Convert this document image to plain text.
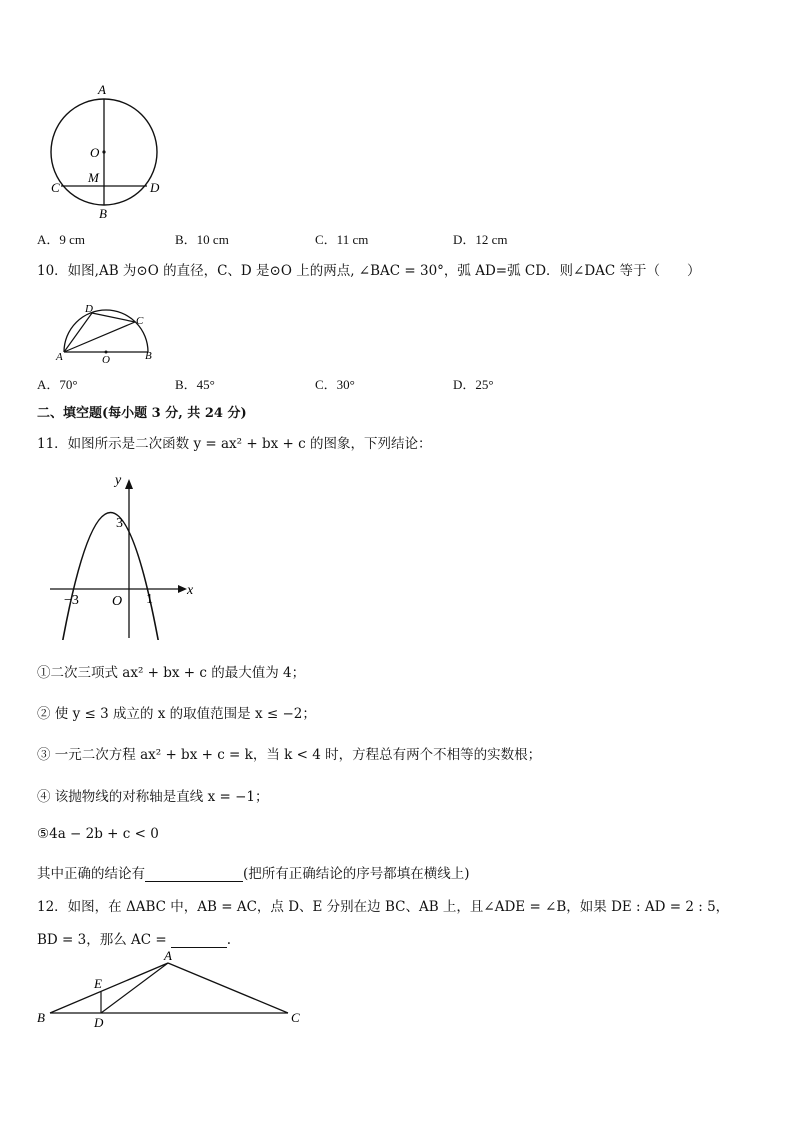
A
O
M
C	D
B
A．9 cm	B．10 cm	C．11 cm	D．12 cm
10．如图,AB 为⊙O 的直径，C、D 是⊙O 上的两点, ∠BAC = 30°，弧 AD=弧 CD．则∠DAC 等于（　　）
D
C
A	O	B
A．70°	B．45°	C．30°	D．25°
二、填空题(每小题 3 分, 共 24 分)
11．如图所示是二次函数 y = ax² + bx + c 的图象，下列结论：
y
x
3
−3 O 1
①二次三项式 ax² + bx + c 的最大值为 4；
② 使 y ≤ 3 成立的 x 的取值范围是 x ≤ −2；
③ 一元二次方程 ax² + bx + c = k，当 k < 4 时，方程总有两个不相等的实数根；
④ 该抛物线的对称轴是直线 x = −1；
⑤4a − 2b + c < 0
其中正确的结论有	(把所有正确结论的序号都填在横线上)
12．如图，在 ΔABC 中，AB = AC，点 D、E 分别在边 BC、AB 上，且∠ADE = ∠B，如果 DE : AD = 2 : 5，
BD = 3，那么 AC =	.
A
E
B	D	C
